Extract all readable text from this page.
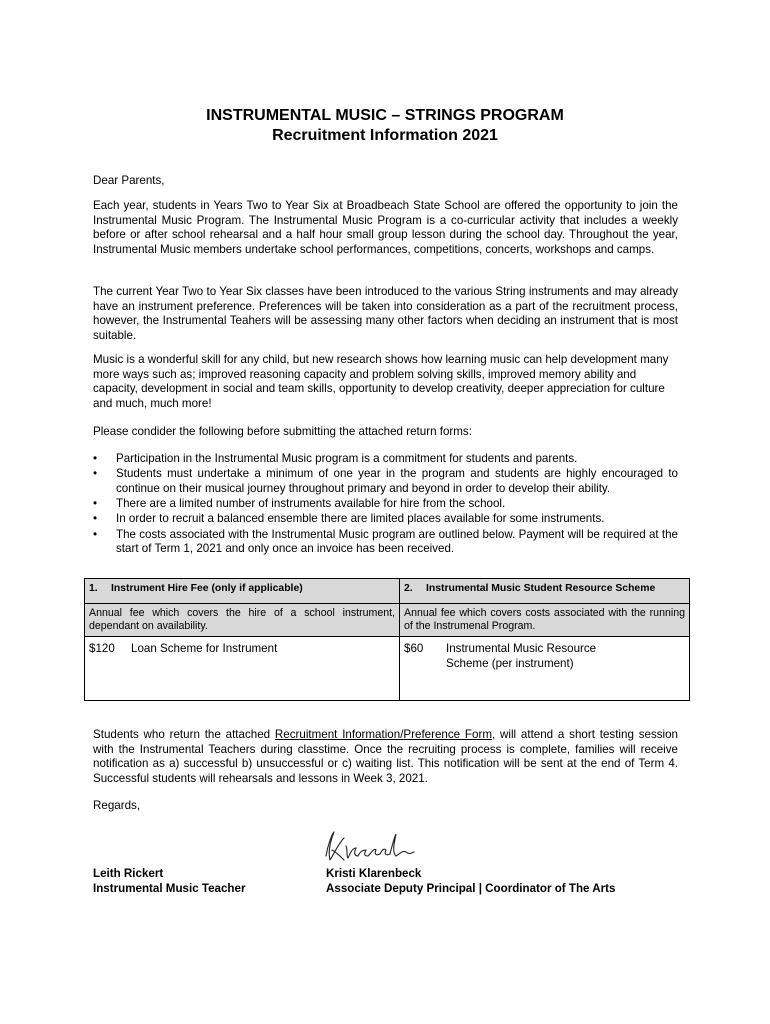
INSTRUMENTAL MUSIC – STRINGS PROGRAM
Recruitment Information 2021

Dear Parents,

Each year, students in Years Two to Year Six at Broadbeach State School are offered the opportunity to join the Instrumental Music Program. The Instrumental Music Program is a co-curricular activity that includes a weekly before or after school rehearsal and a half hour small group lesson during the school day. Throughout the year, Instrumental Music members undertake school performances, competitions, concerts, workshops and camps.

The current Year Two to Year Six classes have been introduced to the various String instruments and may already have an instrument preference. Preferences will be taken into consideration as a part of the recruitment process, however, the Instrumental Teahers will be assessing many other factors when deciding an instrument that is most suitable.

Music is a wonderful skill for any child, but new research shows how learning music can help development many more ways such as; improved reasoning capacity and problem solving skills, improved memory ability and capacity, development in social and team skills, opportunity to develop creativity, deeper appreciation for culture and much, much more!

Please condider the following before submitting the attached return forms:

• Participation in the Instrumental Music program is a commitment for students and parents.
• Students must undertake a minimum of one year in the program and students are highly encouraged to continue on their musical journey throughout primary and beyond in order to develop their ability.
• There are a limited number of instruments available for hire from the school.
• In order to recruit a balanced ensemble there are limited places available for some instruments.
• The costs associated with the Instrumental Music program are outlined below. Payment will be required at the start of Term 1, 2021 and only once an invoice has been received.
1. Instrument Hire Fee (only if applicable)	2. Instrumental Music Student Resource Scheme
Annual fee which covers the hire of a school instrument, dependant on availability.	Annual fee which covers costs associated with the running of the Instrumenal Program.
$120 Loan Scheme for Instrument	$60 Instrumental Music Resource Scheme (per instrument)

Students who return the attached Recruitment Information/Preference Form, will attend a short testing session with the Instrumental Teachers during classtime. Once the recruiting process is complete, families will receive notification as a) successful b) unsuccessful or c) waiting list. This notification will be sent at the end of Term 4. Successful students will rehearsals and lessons in Week 3, 2021.

Regards,

Leith Rickert
Instrumental Music Teacher
Kristi Klarenbeck
Associate Deputy Principal | Coordinator of The Arts
